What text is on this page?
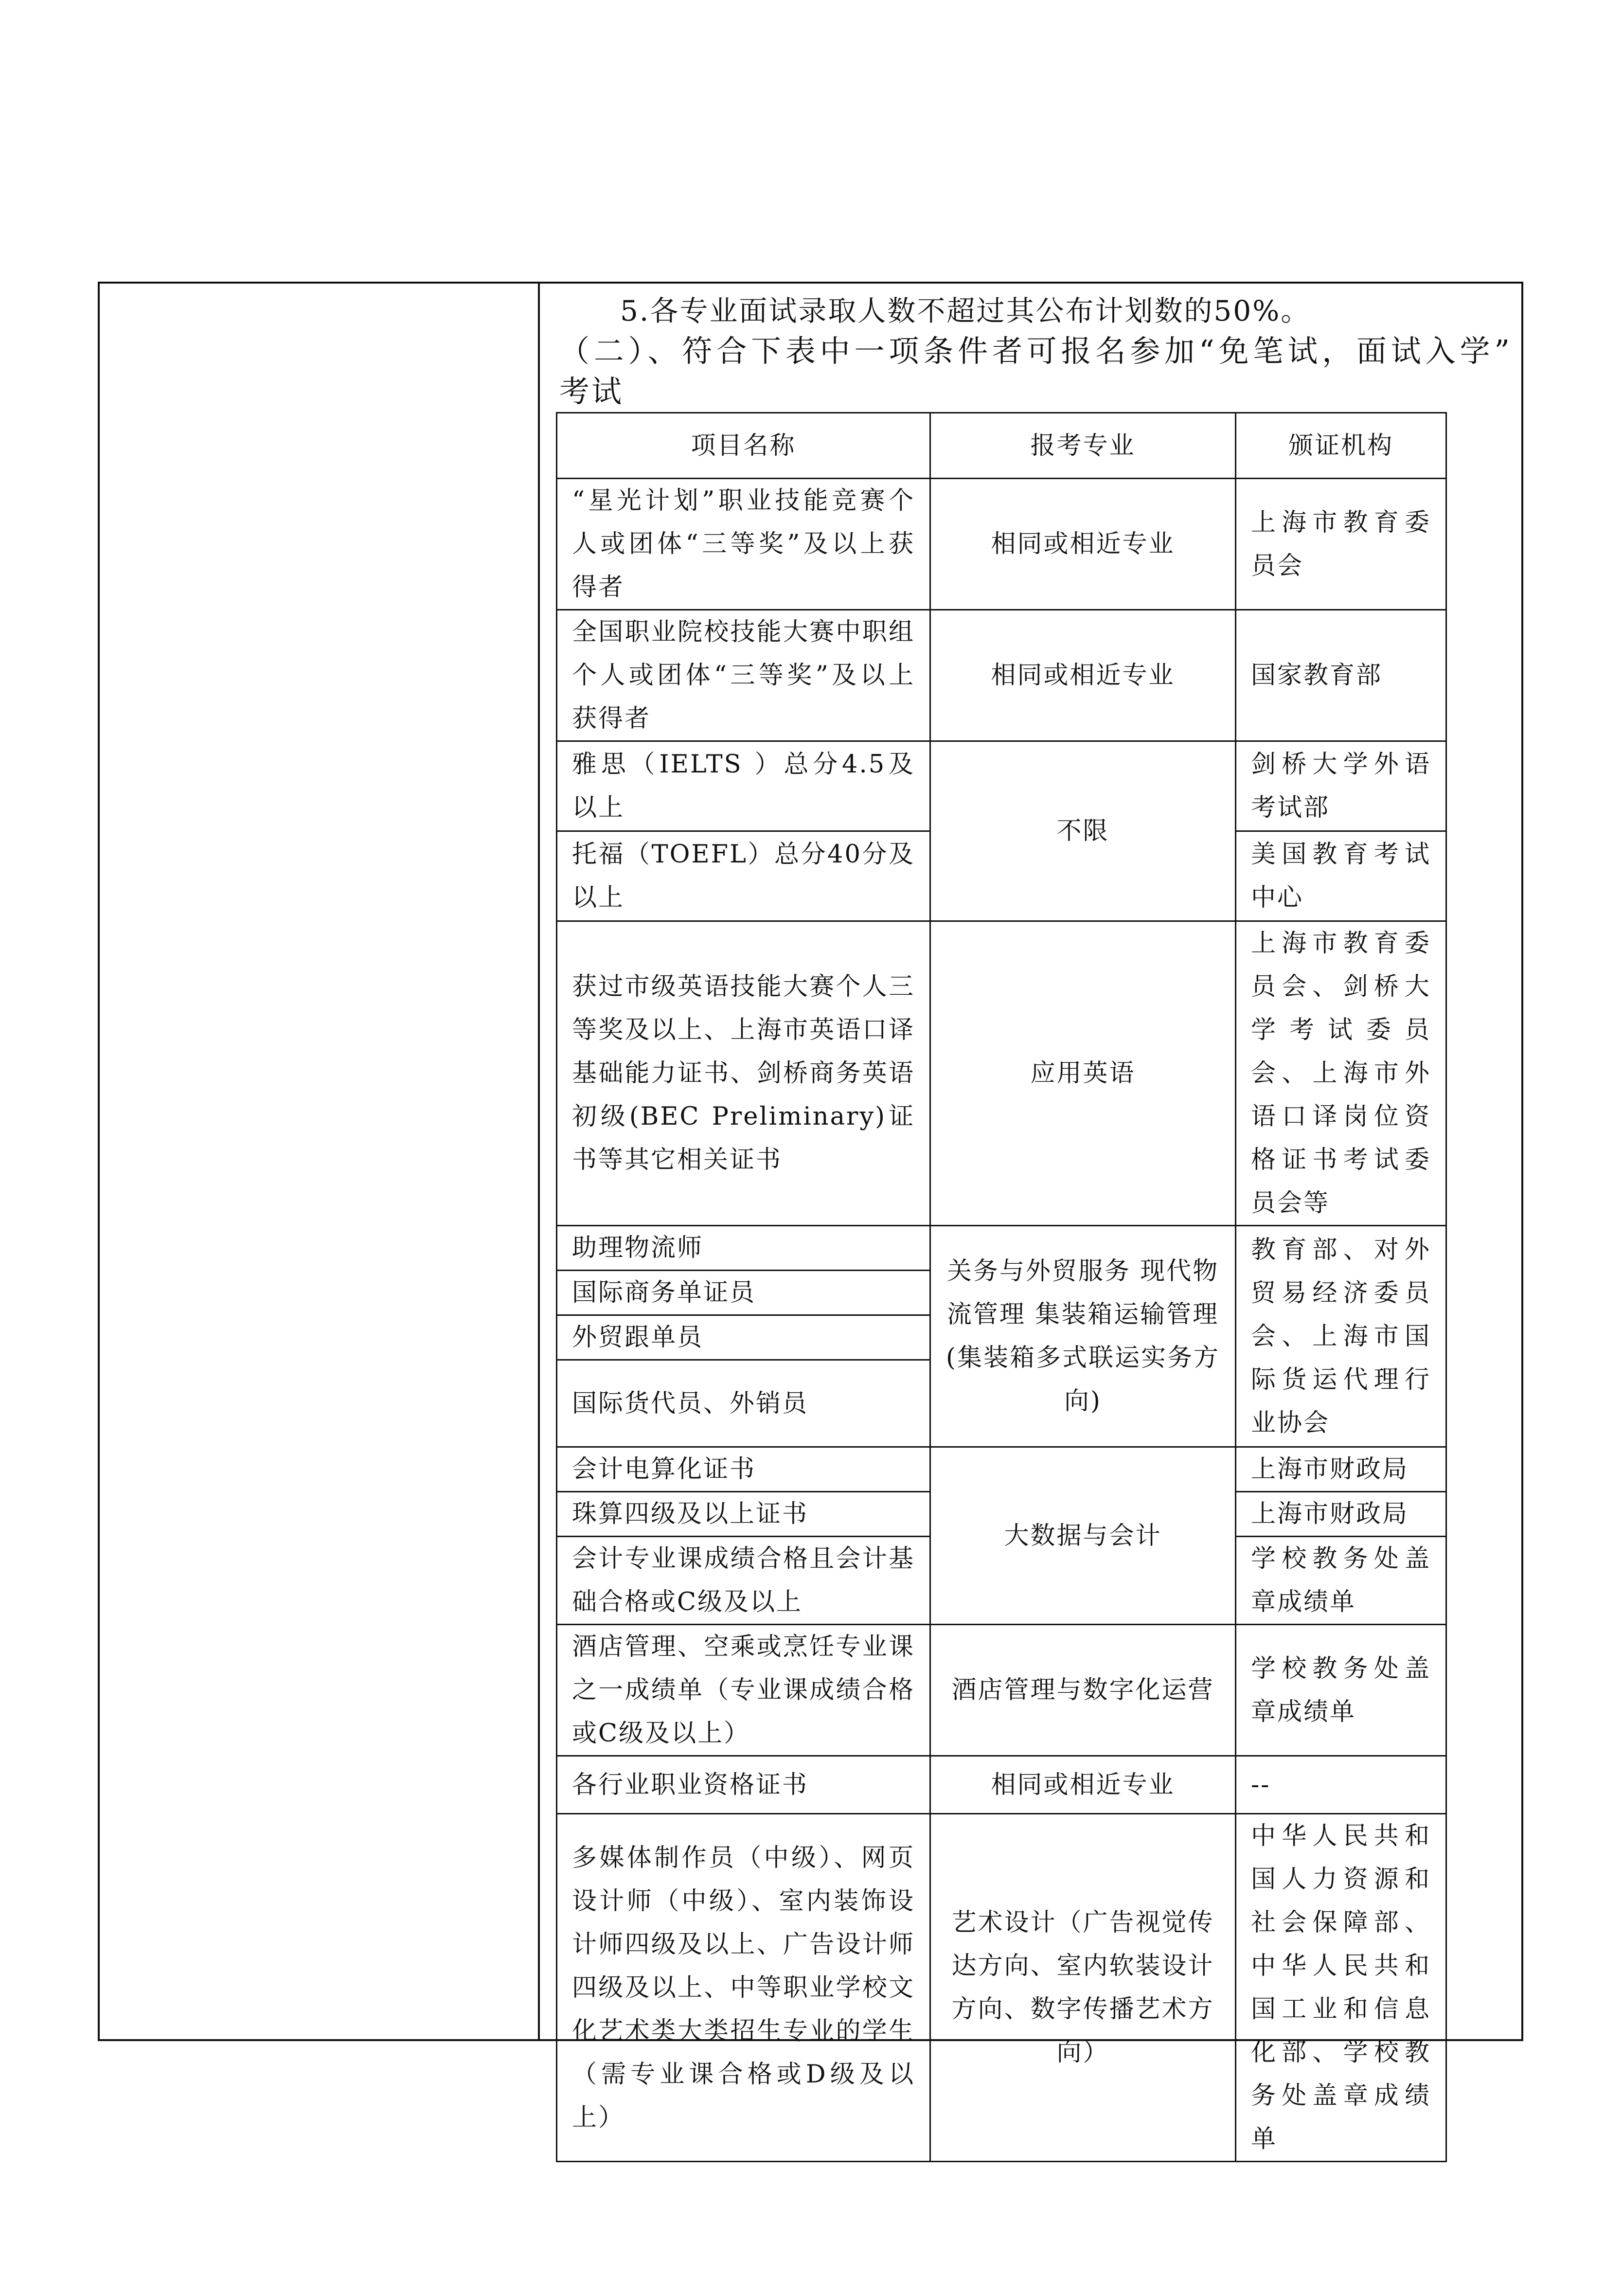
5.各专业面试录取人数不超过其公布计划数的50%。
（二）、符合下表中一项条件者可报名参加“免笔试，面试入学”
考试
项目名称	报考专业	颁证机构
“星光计划”职业技能竞赛个人或团体“三等奖”及以上获得者	相同或相近专业	上海市教育委员会
全国职业院校技能大赛中职组个人或团体“三等奖”及以上获得者	相同或相近专业	国家教育部
雅思（IELTS ）总分4.5及以上	不限	剑桥大学外语考试部
托福（TOEFL）总分40分及以上		美国教育考试中心
获过市级英语技能大赛个人三等奖及以上、上海市英语口译基础能力证书、剑桥商务英语初级(BEC Preliminary)证书等其它相关证书	应用英语	上海市教育委员会、剑桥大学考试委员会、上海市外语口译岗位资格证书考试委员会等
助理物流师	关务与外贸服务 现代物流管理 集装箱运输管理(集装箱多式联运实务方向)	教育部、对外贸易经济委员会、上海市国际货运代理行业协会
国际商务单证员		
外贸跟单员		
国际货代员、外销员		
会计电算化证书	大数据与会计	上海市财政局
珠算四级及以上证书		上海市财政局
会计专业课成绩合格且会计基础合格或C级及以上		学校教务处盖章成绩单
酒店管理、空乘或烹饪专业课之一成绩单（专业课成绩合格或C级及以上）	酒店管理与数字化运营	学校教务处盖章成绩单
各行业职业资格证书	相同或相近专业	--
多媒体制作员（中级）、网页设计师（中级）、室内装饰设计师四级及以上、广告设计师四级及以上、中等职业学校文化艺术类大类招生专业的学生（需专业课合格或D级及以上）	艺术设计（广告视觉传达方向、室内软装设计方向、数字传播艺术方向）	中华人民共和国人力资源和社会保障部、中华人民共和国工业和信息化部、学校教务处盖章成绩单
